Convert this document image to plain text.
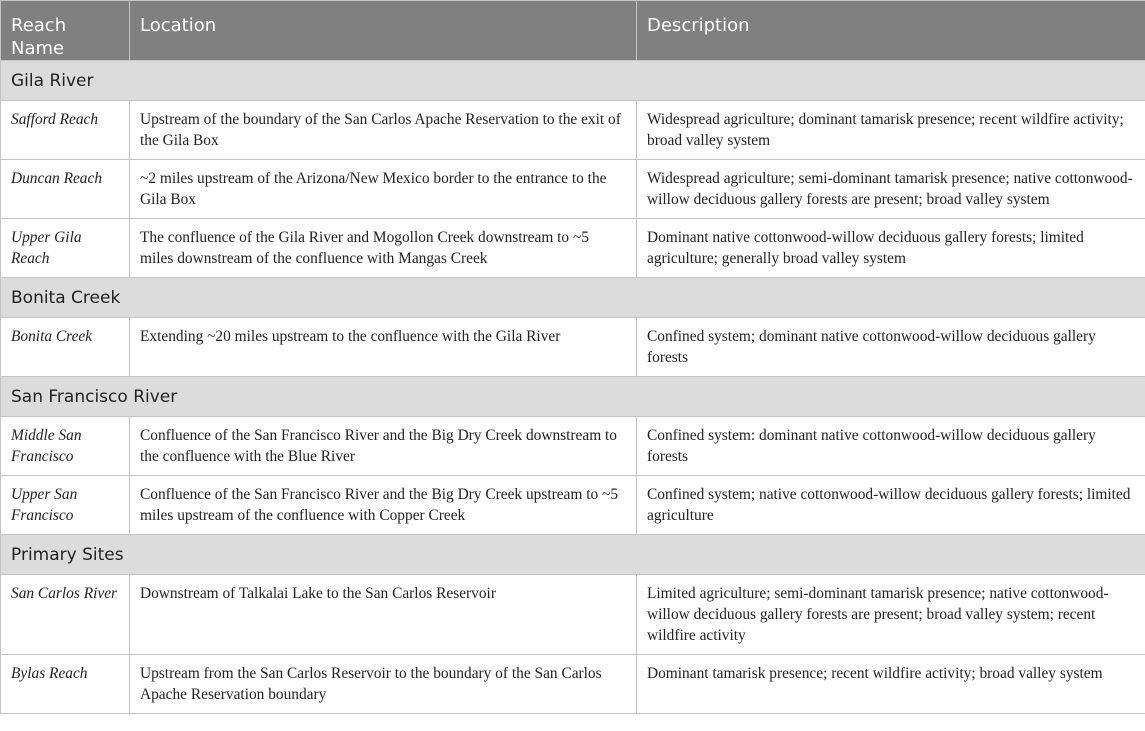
Reach Name	Location	Description
Gila River		
Safford Reach	Upstream of the boundary of the San Carlos Apache Reservation to the exit of the Gila Box	Widespread agriculture; dominant tamarisk presence; recent wildfire activity; broad valley system
Duncan Reach	~2 miles upstream of the Arizona/New Mexico border to the entrance to the Gila Box	Widespread agriculture; semi-dominant tamarisk presence; native cottonwood-willow deciduous gallery forests are present; broad valley system
Upper Gila Reach	The confluence of the Gila River and Mogollon Creek downstream to ~5 miles downstream of the confluence with Mangas Creek	Dominant native cottonwood-willow deciduous gallery forests; limited agriculture; generally broad valley system
Bonita Creek		
Bonita Creek	Extending ~20 miles upstream to the confluence with the Gila River	Confined system; dominant native cottonwood-willow deciduous gallery forests
San Francisco River		
Middle San Francisco	Confluence of the San Francisco River and the Big Dry Creek downstream to the confluence with the Blue River	Confined system: dominant native cottonwood-willow deciduous gallery forests
Upper San Francisco	Confluence of the San Francisco River and the Big Dry Creek upstream to ~5 miles upstream of the confluence with Copper Creek	Confined system; native cottonwood-willow deciduous gallery forests; limited agriculture
Primary Sites		
San Carlos River	Downstream of Talkalai Lake to the San Carlos Reservoir	Limited agriculture; semi-dominant tamarisk presence; native cottonwood-willow deciduous gallery forests are present; broad valley system; recent wildfire activity
Bylas Reach	Upstream from the San Carlos Reservoir to the boundary of the San Carlos Apache Reservation boundary	Dominant tamarisk presence; recent wildfire activity; broad valley system
